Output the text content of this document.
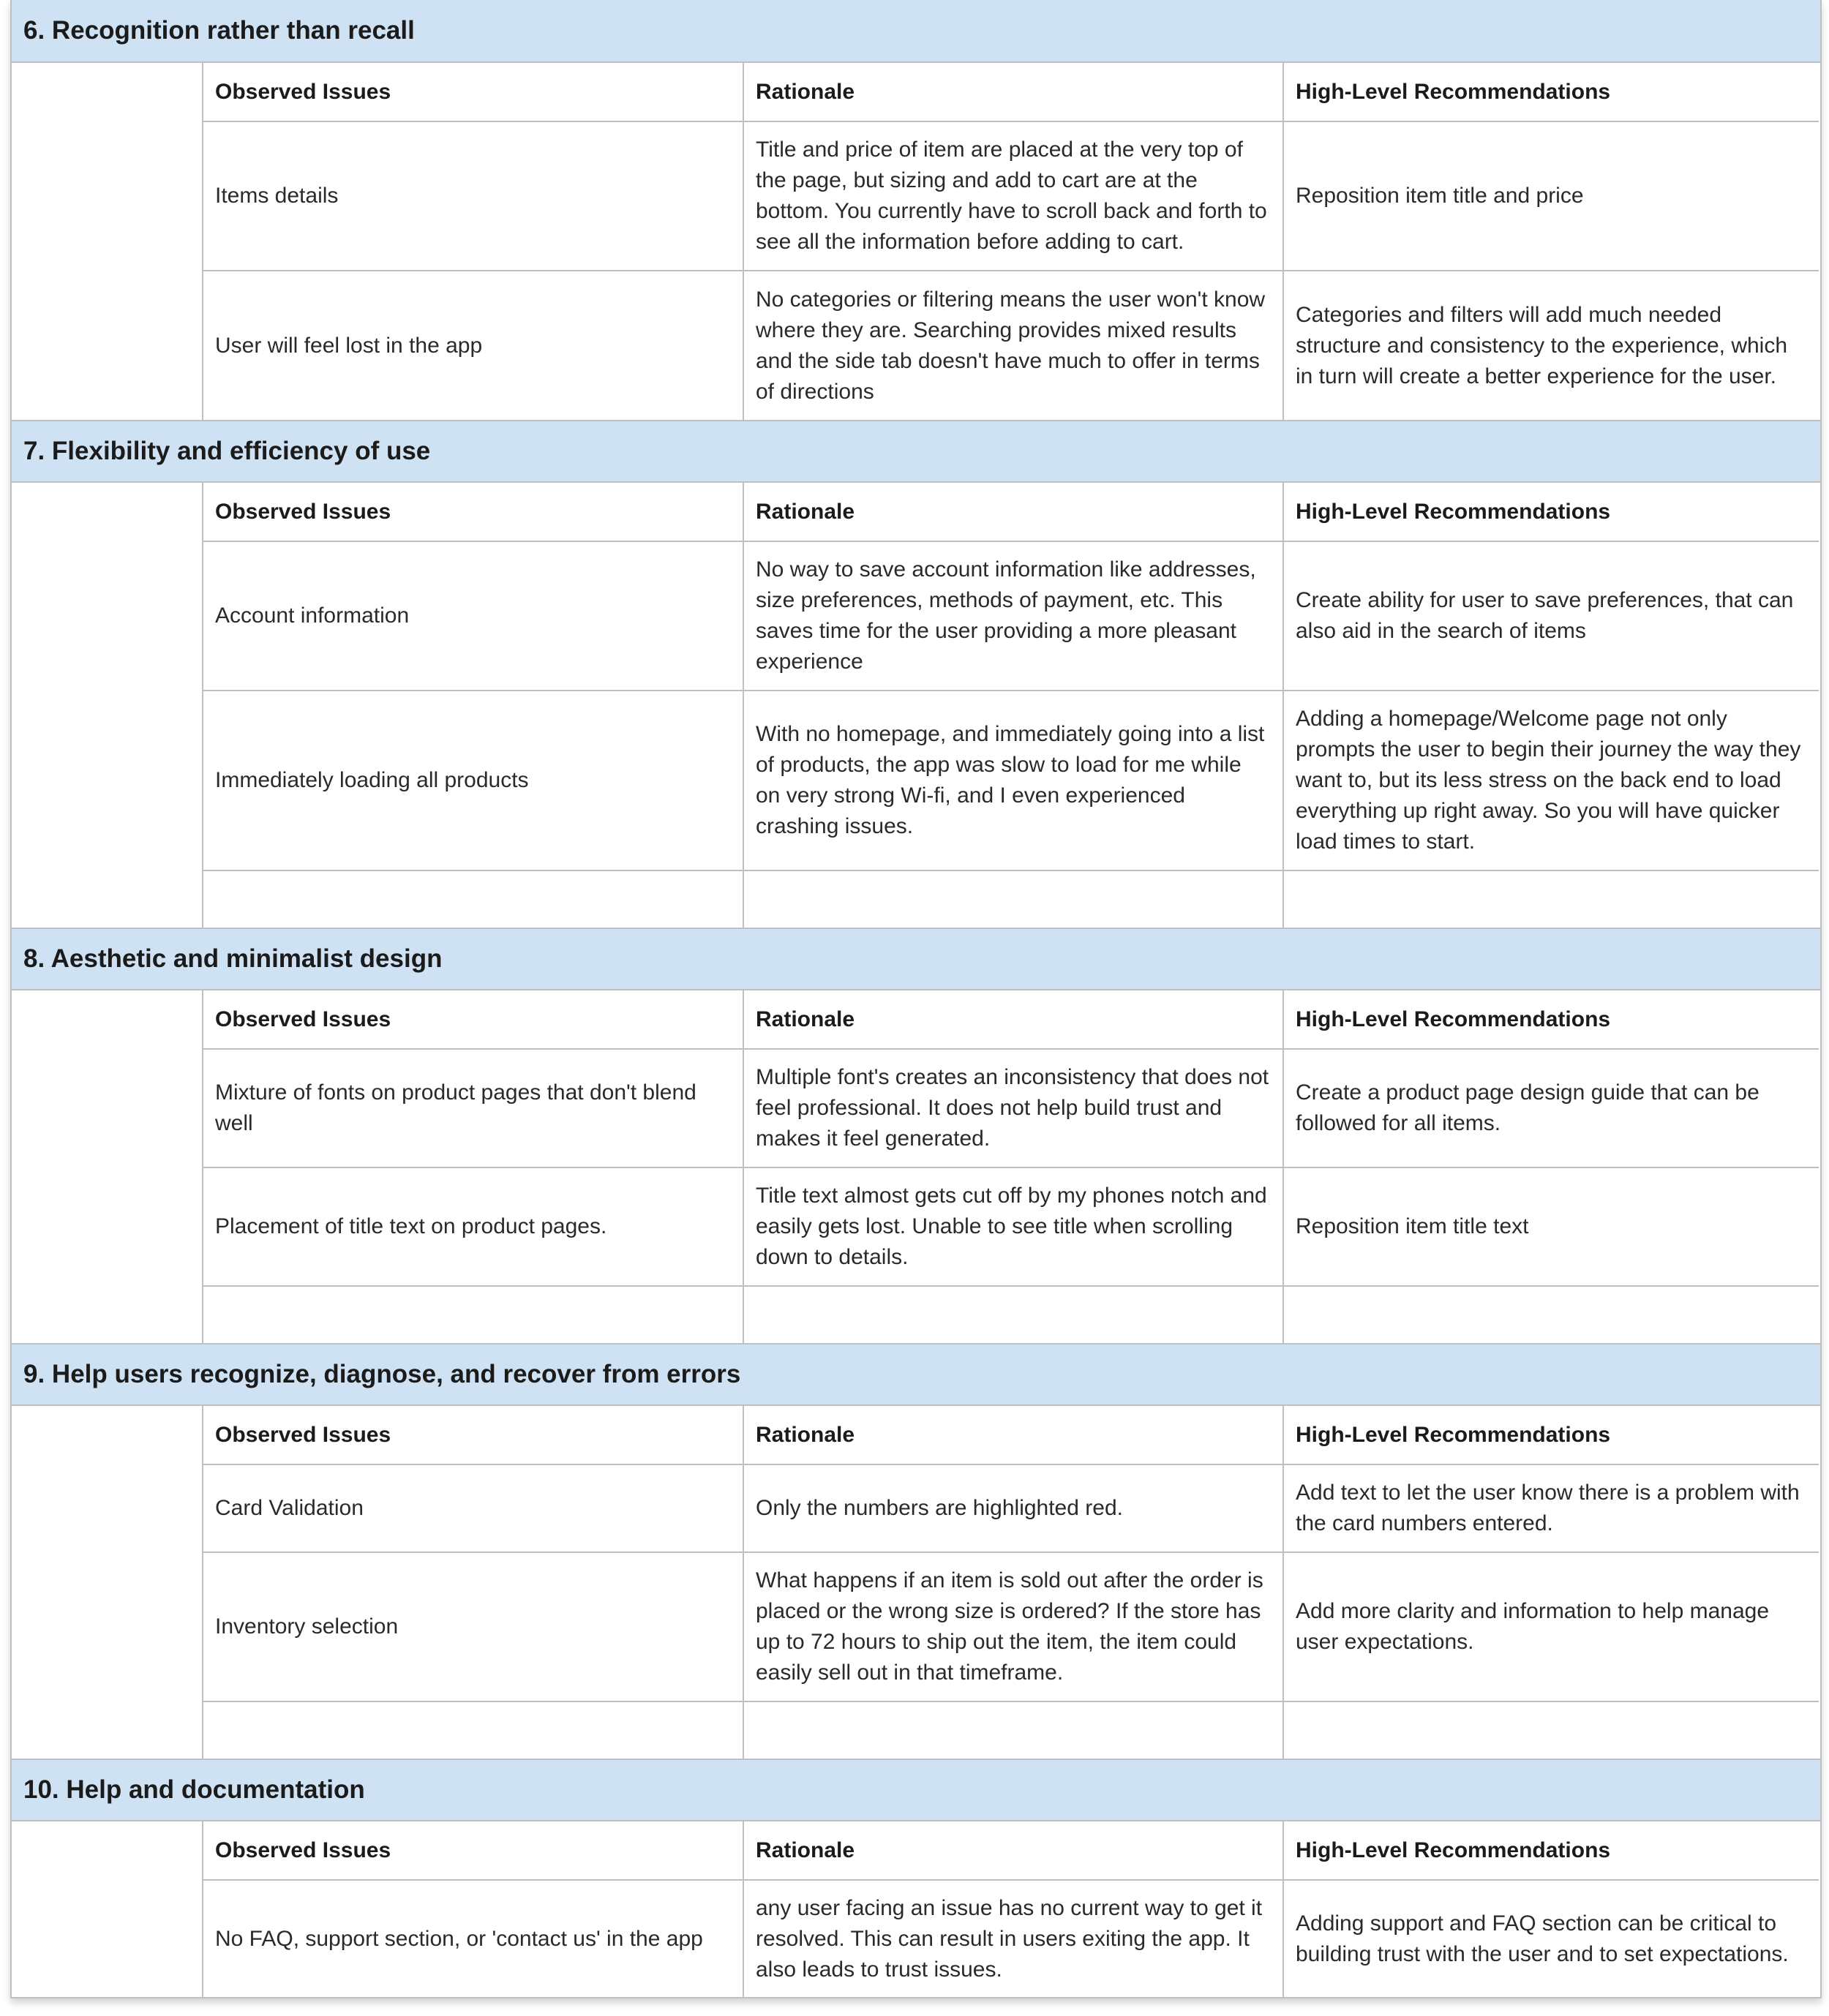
6. Recognition rather than recall
Observed Issues	Rationale	High-Level Recommendations
Items details	Title and price of item are placed at the very top of the page, but sizing and add to cart are at the bottom. You currently have to scroll back and forth to see all the information before adding to cart.	Reposition item title and price
User will feel lost in the app	No categories or filtering means the user won't know where they are. Searching provides mixed results and the side tab doesn't have much to offer in terms of directions	Categories and filters will add much needed structure and consistency to the experience, which in turn will create a better experience for the user.
7. Flexibility and efficiency of use
Observed Issues	Rationale	High-Level Recommendations
Account information	No way to save account information like addresses, size preferences, methods of payment, etc. This saves time for the user providing a more pleasant experience	Create ability for user to save preferences, that can also aid in the search of items
Immediately loading all products	With no homepage, and immediately going into a list of products, the app was slow to load for me while on very strong Wi-fi, and I even experienced crashing issues.	Adding a homepage/Welcome page not only prompts the user to begin their journey the way they want to, but its less stress on the back end to load everything up right away. So you will have quicker load times to start.

8. Aesthetic and minimalist design
Observed Issues	Rationale	High-Level Recommendations
Mixture of fonts on product pages that don't blend well	Multiple font's creates an inconsistency that does not feel professional. It does not help build trust and makes it feel generated.	Create a product page design guide that can be followed for all items.
Placement of title text on product pages.	Title text almost gets cut off by my phones notch and easily gets lost. Unable to see title when scrolling down to details.	Reposition item title text

9. Help users recognize, diagnose, and recover from errors
Observed Issues	Rationale	High-Level Recommendations
Card Validation	Only the numbers are highlighted red.	Add text to let the user know there is a problem with the card numbers entered.
Inventory selection	What happens if an item is sold out after the order is placed or the wrong size is ordered? If the store has up to 72 hours to ship out the item, the item could easily sell out in that timeframe.	Add more clarity and information to help manage user expectations.

10. Help and documentation
Observed Issues	Rationale	High-Level Recommendations
No FAQ, support section, or 'contact us' in the app	any user facing an issue has no current way to get it resolved. This can result in users exiting the app. It also leads to trust issues.	Adding support and FAQ section can be critical to building trust with the user and to set expectations.
